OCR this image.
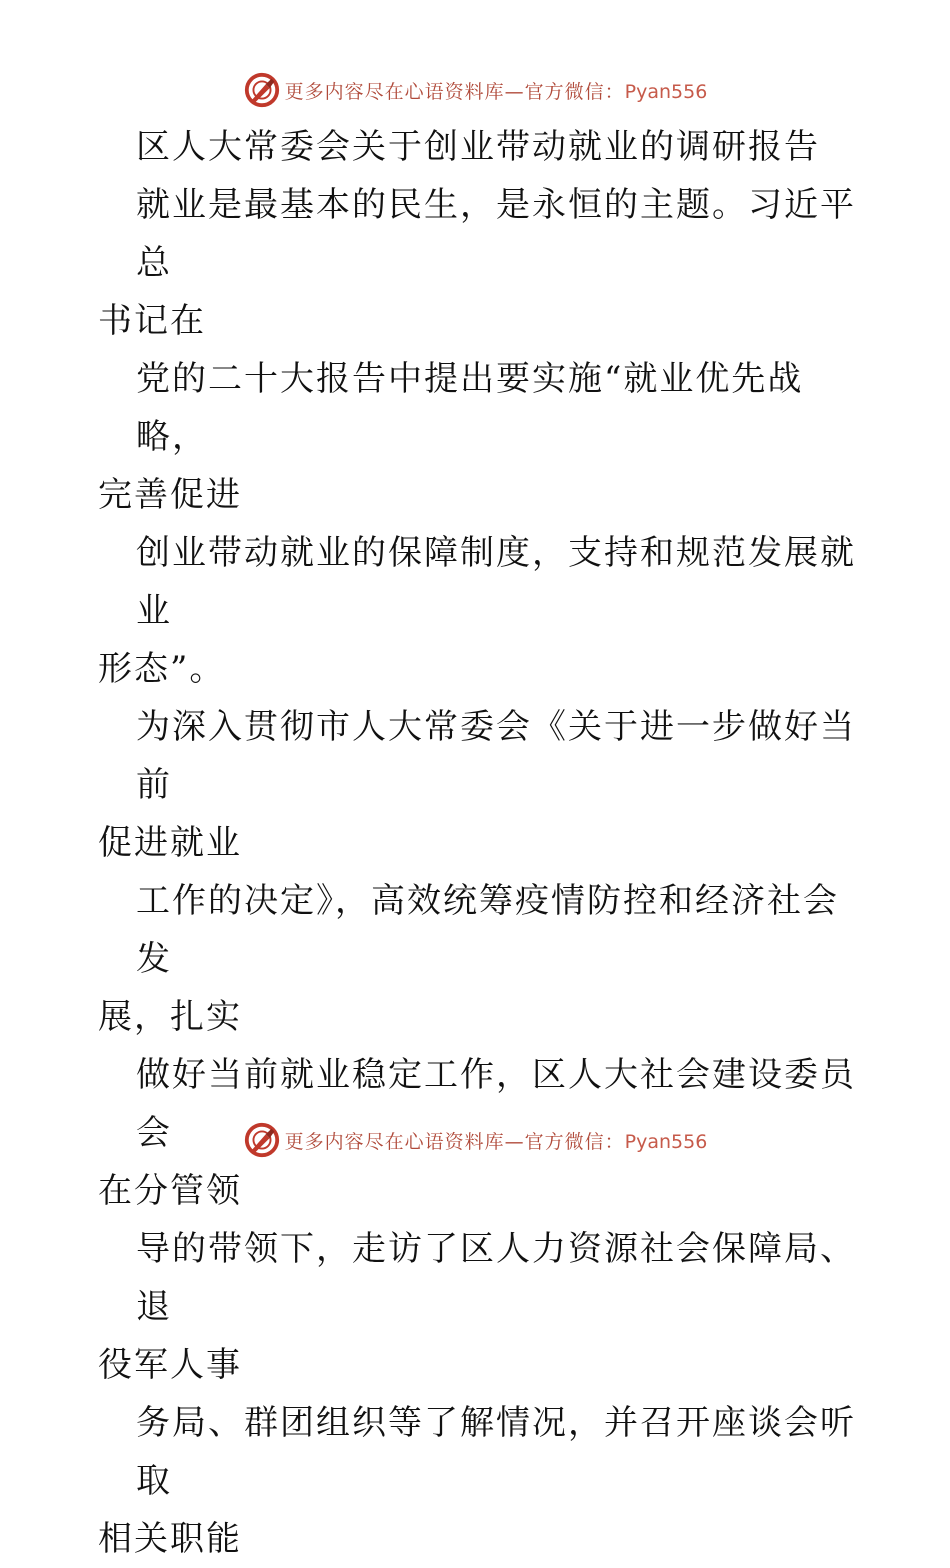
更多内容尽在心语资料库—官方微信：Pyan556

区人大常委会关于创业带动就业的调研报告

就业是最基本的民生，是永恒的主题。习近平总

书记在

党的二十大报告中提出要实施“就业优先战略，

完善促进

创业带动就业的保障制度，支持和规范发展就业

形态”。

为深入贯彻市人大常委会《关于进一步做好当前

促进就业

工作的决定》，高效统筹疫情防控和经济社会发

展，扎实

做好当前就业稳定工作，区人大社会建设委员会

在分管领

导的带领下，走访了区人力资源社会保障局、退

役军人事

务局、群团组织等了解情况，并召开座谈会听取

相关职能

更多内容尽在心语资料库—官方微信：Pyan556
